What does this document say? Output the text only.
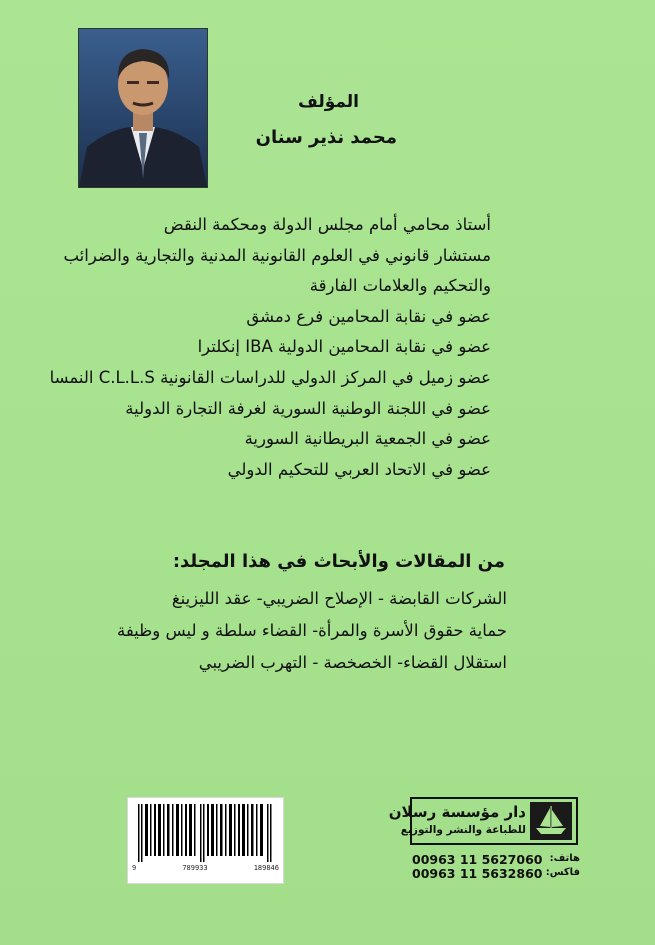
المؤلف
محمد نذير سنان
أستاذ محامي أمام مجلس الدولة ومحكمة النقض
مستشار قانوني في العلوم القانونية المدنية والتجارية والضرائب
والتحكيم والعلامات الفارقة
عضو في نقابة المحامين فرع دمشق
عضو في نقابة المحامين الدولية IBA إنكلترا
عضو زميل في المركز الدولي للدراسات القانونية C.L.L.S النمسا
عضو في اللجنة الوطنية السورية لغرفة التجارة الدولية
عضو في الجمعية البريطانية السورية
عضو في الاتحاد العربي للتحكيم الدولي
من المقالات والأبحاث في هذا المجلد:
الشركات القابضة - الإصلاح الضريبي- عقد الليزينغ
حماية حقوق الأسرة والمرأة- القضاء سلطة و ليس وظيفة
استقلال القضاء- الخصخصة - التهرب الضريبي
9	789933	189846
دار مؤسسة رسلان
للطباعة والنشر والتوزيع
00963 11 5627060 هاتف:
00963 11 5632860 فاكس:
